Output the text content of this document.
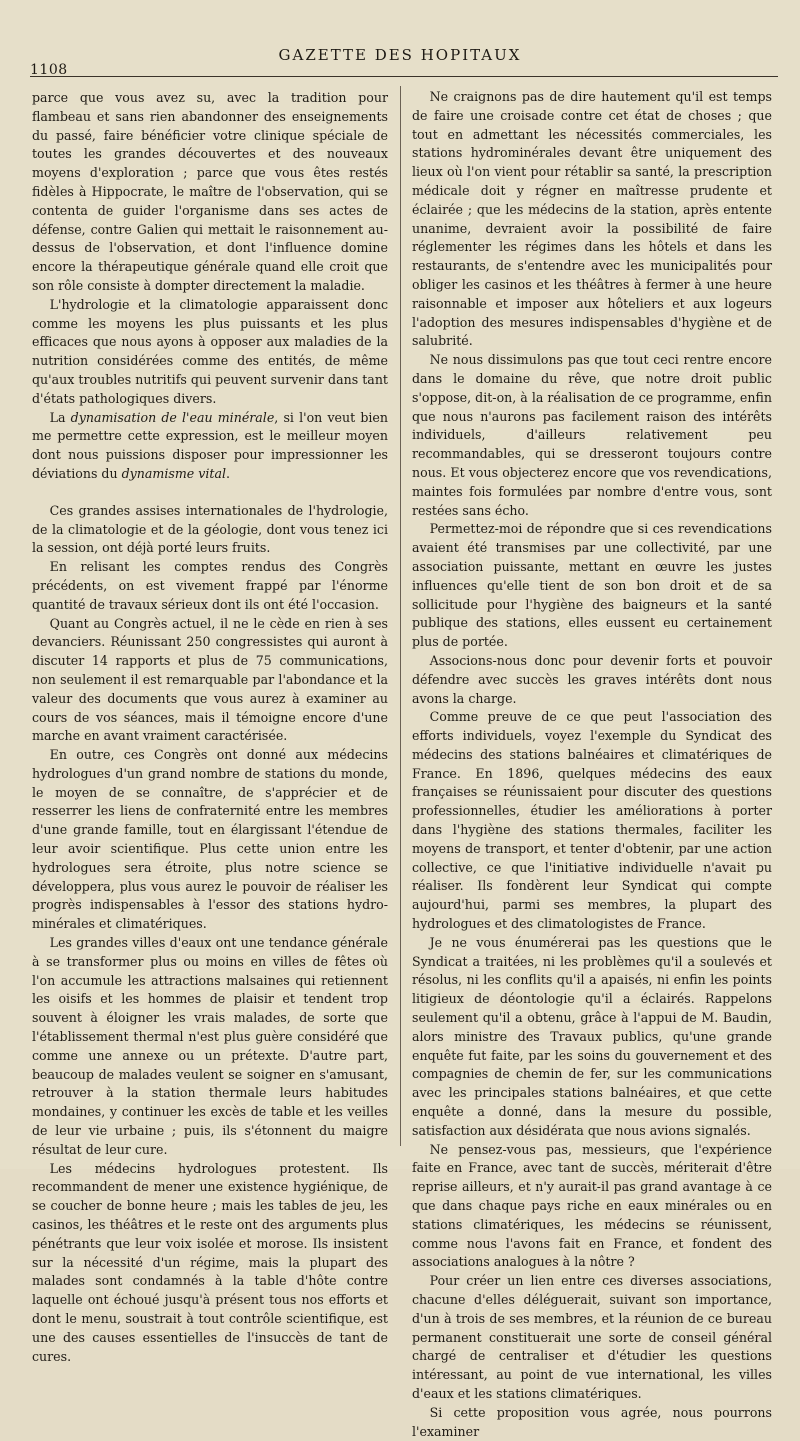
1108
GAZETTE DES HOPITAUX

parce que vous avez su, avec la tradition pour flambeau et sans rien abandonner des enseignements du passé, faire bénéficier votre clinique spéciale de toutes les grandes découvertes et des nouveaux moyens d'exploration ; parce que vous êtes restés fidèles à Hippocrate, le maître de l'observation, qui se contenta de guider l'organisme dans ses actes de défense, contre Galien qui mettait le raisonnement au-dessus de l'observation, et dont l'influence domine encore la thérapeutique générale quand elle croit que son rôle consiste à dompter directement la maladie.

L'hydrologie et la climatologie apparaissent donc comme les moyens les plus puissants et les plus efficaces que nous ayons à opposer aux maladies de la nutrition considérées comme des entités, de même qu'aux troubles nutritifs qui peuvent survenir dans tant d'états pathologiques divers.

La dynamisation de l'eau minérale, si l'on veut bien me permettre cette expression, est le meilleur moyen dont nous puissions disposer pour impressionner les déviations du dynamisme vital.

Ces grandes assises internationales de l'hydrologie, de la climatologie et de la géologie, dont vous tenez ici la session, ont déjà porté leurs fruits.

En relisant les comptes rendus des Congrès précédents, on est vivement frappé par l'énorme quantité de travaux sérieux dont ils ont été l'occasion.

Quant au Congrès actuel, il ne le cède en rien à ses devanciers. Réunissant 250 congressistes qui auront à discuter 14 rapports et plus de 75 communications, non seulement il est remarquable par l'abondance et la valeur des documents que vous aurez à examiner au cours de vos séances, mais il témoigne encore d'une marche en avant vraiment caractérisée.

En outre, ces Congrès ont donné aux médecins hydrologues d'un grand nombre de stations du monde, le moyen de se connaître, de s'apprécier et de resserrer les liens de confraternité entre les membres d'une grande famille, tout en élargissant l'étendue de leur avoir scientifique. Plus cette union entre les hydrologues sera étroite, plus notre science se développera, plus vous aurez le pouvoir de réaliser les progrès indispensables à l'essor des stations hydro-minérales et climatériques.

Les grandes villes d'eaux ont une tendance générale à se transformer plus ou moins en villes de fêtes où l'on accumule les attractions malsaines qui retiennent les oisifs et les hommes de plaisir et tendent trop souvent à éloigner les vrais malades, de sorte que l'établissement thermal n'est plus guère considéré que comme une annexe ou un prétexte. D'autre part, beaucoup de malades veulent se soigner en s'amusant, retrouver à la station thermale leurs habitudes mondaines, y continuer les excès de table et les veilles de leur vie urbaine ; puis, ils s'étonnent du maigre résultat de leur cure.

Les médecins hydrologues protestent. Ils recommandent de mener une existence hygiénique, de se coucher de bonne heure ; mais les tables de jeu, les casinos, les théâtres et le reste ont des arguments plus pénétrants que leur voix isolée et morose. Ils insistent sur la nécessité d'un régime, mais la plupart des malades sont condamnés à la table d'hôte contre laquelle ont échoué jusqu'à présent tous nos efforts et dont le menu, soustrait à tout contrôle scientifique, est une des causes essentielles de l'insuccès de tant de cures.

Ne craignons pas de dire hautement qu'il est temps de faire une croisade contre cet état de choses ; que tout en admettant les nécessités commerciales, les stations hydrominérales devant être uniquement des lieux où l'on vient pour rétablir sa santé, la prescription médicale doit y régner en maîtresse prudente et éclairée ; que les médecins de la station, après entente unanime, devraient avoir la possibilité de faire réglementer les régimes dans les hôtels et dans les restaurants, de s'entendre avec les municipalités pour obliger les casinos et les théâtres à fermer à une heure raisonnable et imposer aux hôteliers et aux logeurs l'adoption des mesures indispensables d'hygiène et de salubrité.

Ne nous dissimulons pas que tout ceci rentre encore dans le domaine du rêve, que notre droit public s'oppose, dit-on, à la réalisation de ce programme, enfin que nous n'aurons pas facilement raison des intérêts individuels, d'ailleurs relativement peu recommandables, qui se dresseront toujours contre nous. Et vous objecterez encore que vos revendications, maintes fois formulées par nombre d'entre vous, sont restées sans écho.

Permettez-moi de répondre que si ces revendications avaient été transmises par une collectivité, par une association puissante, mettant en œuvre les justes influences qu'elle tient de son bon droit et de sa sollicitude pour l'hygiène des baigneurs et la santé publique des stations, elles eussent eu certainement plus de portée.

Associons-nous donc pour devenir forts et pouvoir défendre avec succès les graves intérêts dont nous avons la charge.

Comme preuve de ce que peut l'association des efforts individuels, voyez l'exemple du Syndicat des médecins des stations balnéaires et climatériques de France. En 1896, quelques médecins des eaux françaises se réunissaient pour discuter des questions professionnelles, étudier les améliorations à porter dans l'hygiène des stations thermales, faciliter les moyens de transport, et tenter d'obtenir, par une action collective, ce que l'initiative individuelle n'avait pu réaliser. Ils fondèrent leur Syndicat qui compte aujourd'hui, parmi ses membres, la plupart des hydrologues et des climatologistes de France.

Je ne vous énumérerai pas les questions que le Syndicat a traitées, ni les problèmes qu'il a soulevés et résolus, ni les conflits qu'il a apaisés, ni enfin les points litigieux de déontologie qu'il a éclairés. Rappelons seulement qu'il a obtenu, grâce à l'appui de M. Baudin, alors ministre des Travaux publics, qu'une grande enquête fut faite, par les soins du gouvernement et des compagnies de chemin de fer, sur les communications avec les principales stations balnéaires, et que cette enquête a donné, dans la mesure du possible, satisfaction aux désidérata que nous avions signalés.

Ne pensez-vous pas, messieurs, que l'expérience faite en France, avec tant de succès, mériterait d'être reprise ailleurs, et n'y aurait-il pas grand avantage à ce que dans chaque pays riche en eaux minérales ou en stations climatériques, les médecins se réunissent, comme nous l'avons fait en France, et fondent des associations analogues à la nôtre ?

Pour créer un lien entre ces diverses associations, chacune d'elles déléguerait, suivant son importance, d'un à trois de ses membres, et la réunion de ce bureau permanent constituerait une sorte de conseil général chargé de centraliser et d'étudier les questions intéressant, au point de vue international, les villes d'eaux et les stations climatériques.

Si cette proposition vous agrée, nous pourrons l'examiner
